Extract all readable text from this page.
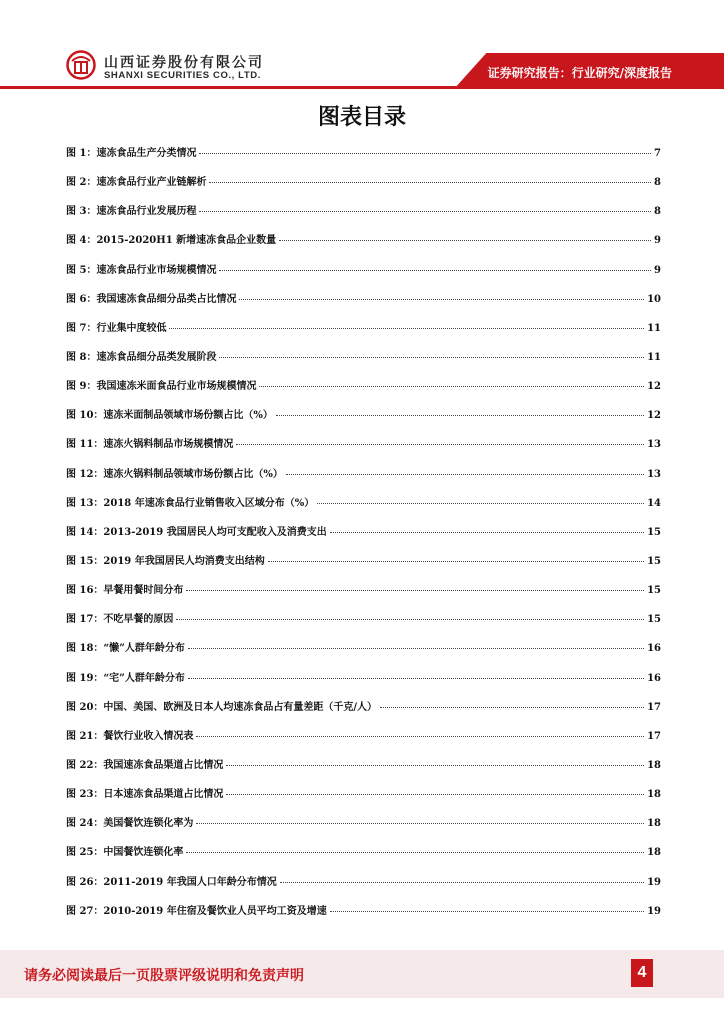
山西证券股份有限公司
SHANXI SECURITIES CO., LTD.	证券研究报告：行业研究/深度报告
图表目录
图 1：速冻食品生产分类情况	7
图 2：速冻食品行业产业链解析	8
图 3：速冻食品行业发展历程	8
图 4：2015-2020H1 新增速冻食品企业数量	9
图 5：速冻食品行业市场规模情况	9
图 6：我国速冻食品细分品类占比情况	10
图 7：行业集中度较低	11
图 8：速冻食品细分品类发展阶段	11
图 9：我国速冻米面食品行业市场规模情况	12
图 10：速冻米面制品领域市场份额占比（%）	12
图 11：速冻火锅料制品市场规模情况	13
图 12：速冻火锅料制品领域市场份额占比（%）	13
图 13：2018 年速冻食品行业销售收入区域分布（%）	14
图 14：2013-2019 我国居民人均可支配收入及消费支出	15
图 15：2019 年我国居民人均消费支出结构	15
图 16：早餐用餐时间分布	15
图 17：不吃早餐的原因	15
图 18：“懒”人群年龄分布	16
图 19：“宅”人群年龄分布	16
图 20：中国、美国、欧洲及日本人均速冻食品占有量差距（千克/人）	17
图 21：餐饮行业收入情况表	17
图 22：我国速冻食品渠道占比情况	18
图 23：日本速冻食品渠道占比情况	18
图 24：美国餐饮连锁化率为	18
图 25：中国餐饮连锁化率	18
图 26：2011-2019 年我国人口年龄分布情况	19
图 27：2010-2019 年住宿及餐饮业人员平均工资及增速	19
请务必阅读最后一页股票评级说明和免责声明	4
